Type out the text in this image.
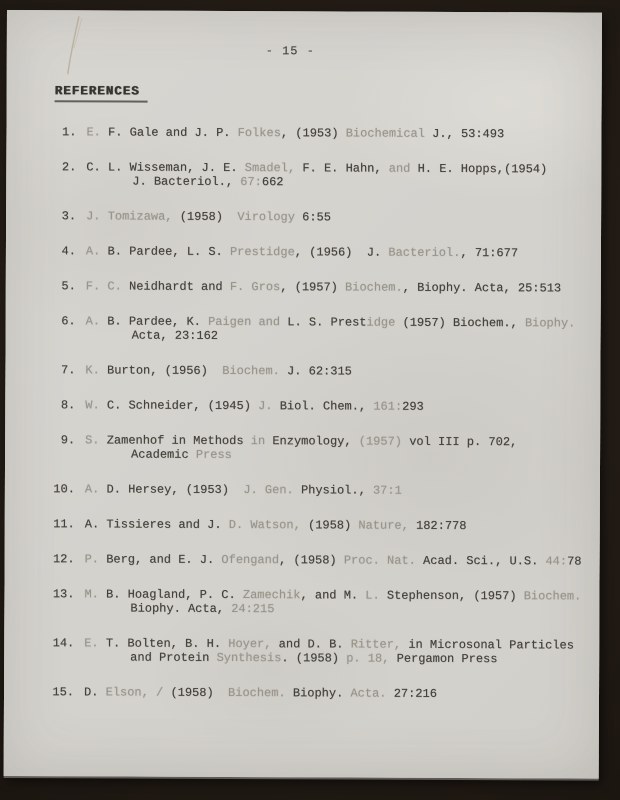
- 15 -
REFERENCES
1. E. F. Gale and J. P. Folkes, (1953) Biochemical J., 53:493
2. C. L. Wisseman, J. E. Smadel, F. E. Hahn, and H. E. Hopps,(1954)
J. Bacteriol., 67:662
3. J. Tomizawa, (1958)  Virology 6:55
4. A. B. Pardee, L. S. Prestidge, (1956)  J. Bacteriol., 71:677
5. F. C. Neidhardt and F. Gros, (1957) Biochem., Biophy. Acta, 25:513
6. A. B. Pardee, K. Paigen and L. S. Prestidge (1957) Biochem., Biophy.
Acta, 23:162
7. K. Burton, (1956)  Biochem. J. 62:315
8. W. C. Schneider, (1945) J. Biol. Chem., 161:293
9. S. Zamenhof in Methods in Enzymology, (1957) vol III p. 702,
Academic Press
10. A. D. Hersey, (1953)  J. Gen. Physiol., 37:1
11. A. Tissieres and J. D. Watson, (1958) Nature, 182:778
12. P. Berg, and E. J. Ofengand, (1958) Proc. Nat. Acad. Sci., U.S. 44:78
13. M. B. Hoagland, P. C. Zamechik, and M. L. Stephenson, (1957) Biochem.
Biophy. Acta, 24:215
14. E. T. Bolten, B. H. Hoyer, and D. B. Ritter, in Microsonal Particles
and Protein Synthesis. (1958) p. 18, Pergamon Press
15. D. Elson, / (1958)  Biochem. Biophy. Acta. 27:216
